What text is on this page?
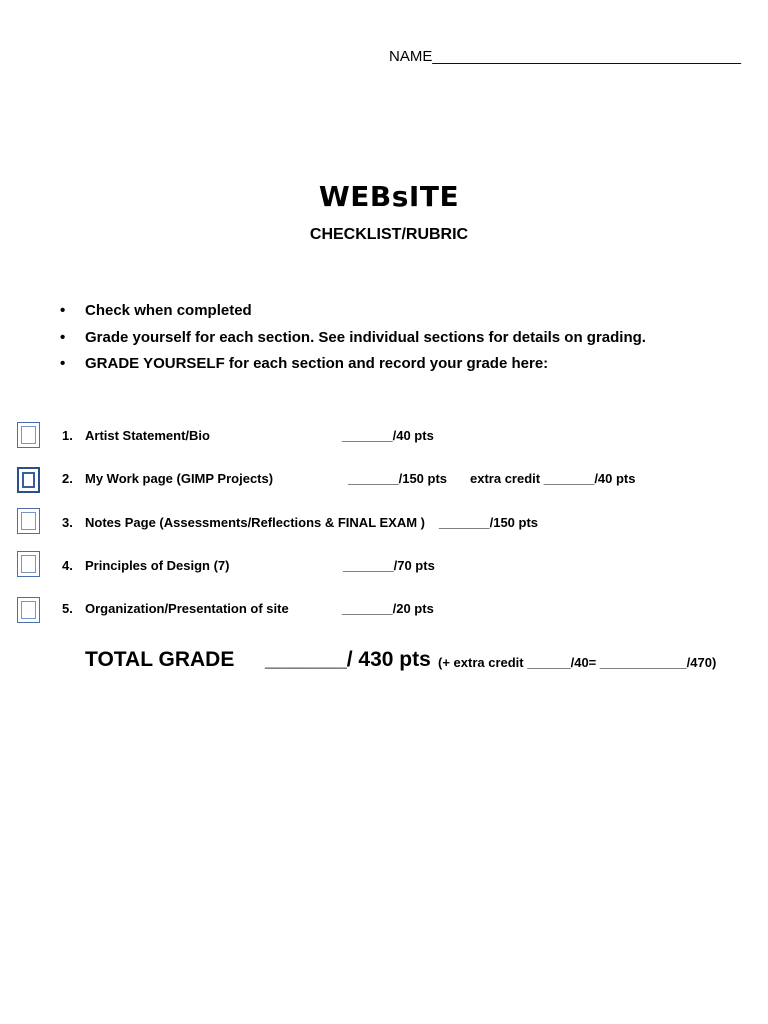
NAME_____________________________________
WEBsITE
CHECKLIST/RUBRIC
• Check when completed
• Grade yourself for each section. See individual sections for details on grading.
• GRADE YOURSELF for each section and record your grade here:
1. Artist Statement/Bio	_______/40 pts
2. My Work page (GIMP Projects)	_______/150 pts extra credit _______/40 pts
3. Notes Page (Assessments/Reflections & FINAL EXAM ) _______/150 pts
4. Principles of Design (7)	_______/70 pts
5. Organization/Presentation of site	_______/20 pts
TOTAL GRADE _______/ 430 pts (+ extra credit ______/40= ____________/470)
